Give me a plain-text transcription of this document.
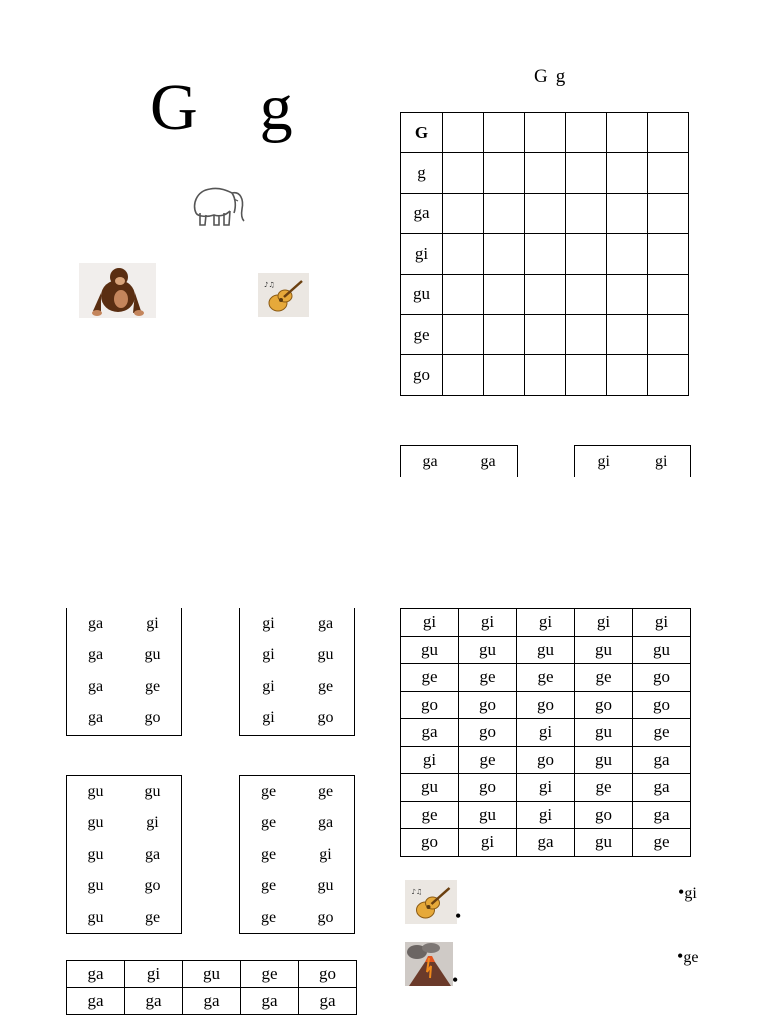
G g
♪♫
G g
G						
g						
ga						
gi						
gu						
ge						
go						
ga	ga	gi	gi
ga	gi
ga	gu
ga	ge
ga	go
gi	ga
gi	gu
gi	ge
gi	go
gu	gu
gu	gi
gu	ga
gu	go
gu	ge
ge	ge
ge	ga
ge	gi
ge	gu
ge	go
gi	gi	gi	gi	gi
gu	gu	gu	gu	gu
ge	ge	ge	ge	go
go	go	go	go	go
ga	go	gi	gu	ge
gi	ge	go	gu	ga
gu	go	gi	ge	ga
ge	gu	gi	go	ga
go	gi	ga	gu	ge
ga	gi	gu	ge	go
ga	ga	ga	ga	ga
♪♫
•
•gi
•
•ge
